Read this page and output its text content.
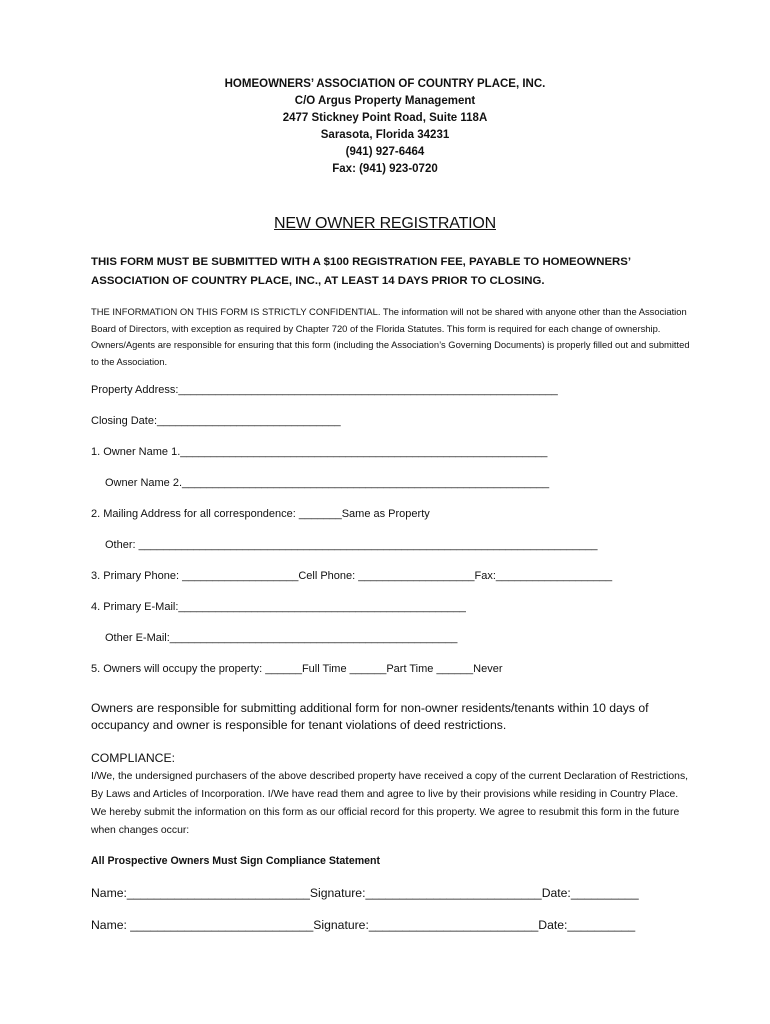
HOMEOWNERS’ ASSOCIATION OF COUNTRY PLACE, INC.
C/O Argus Property Management
2477 Stickney Point Road, Suite 118A
Sarasota, Florida 34231
(941) 927-6464
Fax: (941) 923-0720
NEW OWNER REGISTRATION
THIS FORM MUST BE SUBMITTED WITH A $100 REGISTRATION FEE, PAYABLE TO HOMEOWNERS’ ASSOCIATION OF COUNTRY PLACE, INC., AT LEAST 14 DAYS PRIOR TO CLOSING.
THE INFORMATION ON THIS FORM IS STRICTLY CONFIDENTIAL. The information will not be shared with anyone other than the Association Board of Directors, with exception as required by Chapter 720 of the Florida Statutes. This form is required for each change of ownership. Owners/Agents are responsible for ensuring that this form (including the Association’s Governing Documents) is properly filled out and submitted to the Association.
Property Address:______________________________________________________________
Closing Date:______________________________
1. Owner Name 1.____________________________________________________________
Owner Name 2.____________________________________________________________
2. Mailing Address for all correspondence: _______Same as Property
Other: ___________________________________________________________________________
3. Primary Phone: ___________________Cell Phone: ___________________Fax:___________________
4. Primary E-Mail:_______________________________________________
Other E-Mail:_______________________________________________
5. Owners will occupy the property: ______Full Time ______Part Time ______Never
Owners are responsible for submitting additional form for non-owner residents/tenants within 10 days of occupancy and owner is responsible for tenant violations of deed restrictions.
COMPLIANCE:
I/We, the undersigned purchasers of the above described property have received a copy of the current Declaration of Restrictions, By Laws and Articles of Incorporation. I/We have read them and agree to live by their provisions while residing in Country Place. We hereby submit the information on this form as our official record for this property. We agree to resubmit this form in the future when changes occur:
All Prospective Owners Must Sign Compliance Statement
Name:___________________________Signature:__________________________Date:__________
Name: ___________________________Signature:_________________________Date:__________
